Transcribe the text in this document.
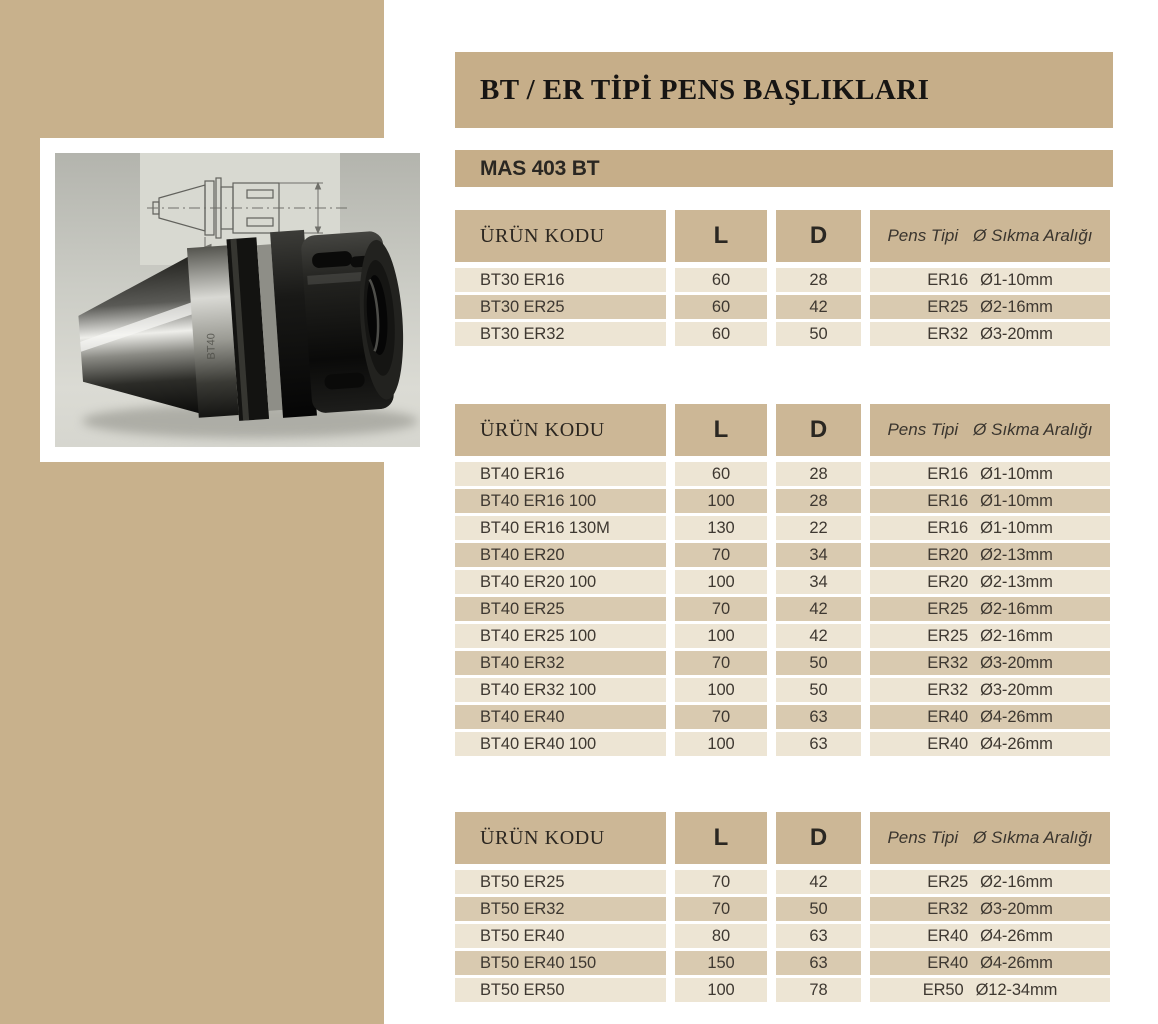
BT40
BT / ER TİPİ PENS BAŞLIKLARI
MAS 403 BT
ÜRÜN KODU	L	D	Pens Tipi Ø Sıkma Aralığı
BT30 ER16	60	28	ER16 Ø1-10mm
BT30 ER25	60	42	ER25 Ø2-16mm
BT30 ER32	60	50	ER32 Ø3-20mm
ÜRÜN KODU	L	D	Pens Tipi Ø Sıkma Aralığı
BT40 ER16	60	28	ER16 Ø1-10mm
BT40 ER16 100	100	28	ER16 Ø1-10mm
BT40 ER16 130M	130	22	ER16 Ø1-10mm
BT40 ER20	70	34	ER20 Ø2-13mm
BT40 ER20 100	100	34	ER20 Ø2-13mm
BT40 ER25	70	42	ER25 Ø2-16mm
BT40 ER25 100	100	42	ER25 Ø2-16mm
BT40 ER32	70	50	ER32 Ø3-20mm
BT40 ER32 100	100	50	ER32 Ø3-20mm
BT40 ER40	70	63	ER40 Ø4-26mm
BT40 ER40 100	100	63	ER40 Ø4-26mm
ÜRÜN KODU	L	D	Pens Tipi Ø Sıkma Aralığı
BT50 ER25	70	42	ER25 Ø2-16mm
BT50 ER32	70	50	ER32 Ø3-20mm
BT50 ER40	80	63	ER40 Ø4-26mm
BT50 ER40 150	150	63	ER40 Ø4-26mm
BT50 ER50	100	78	ER50 Ø12-34mm
